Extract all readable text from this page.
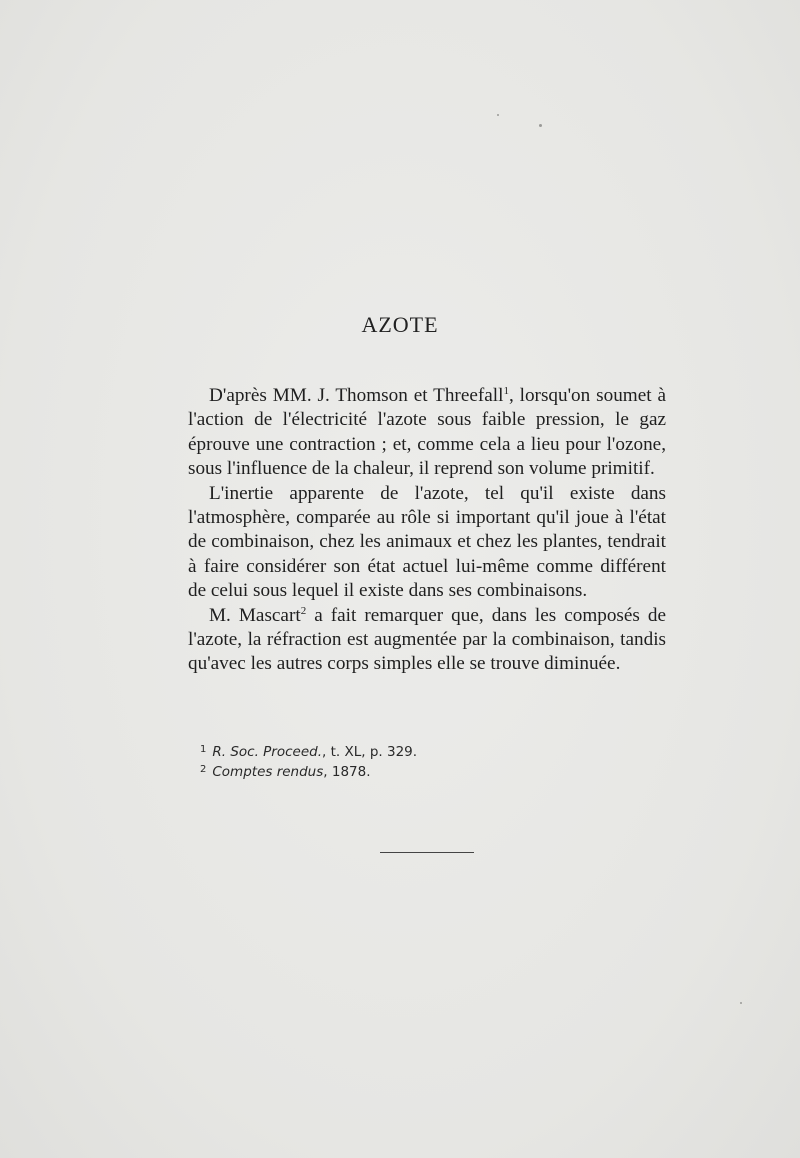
AZOTE

D'après MM. J. Thomson et Threefall$^1$, lorsqu'on soumet à l'action de l'électricité l'azote sous faible pression, le gaz éprouve une contraction ; et, comme cela a lieu pour l'ozone, sous l'influence de la chaleur, il reprend son volume primitif.

L'inertie apparente de l'azote, tel qu'il existe dans l'atmosphère, comparée au rôle si important qu'il joue à l'état de combinaison, chez les animaux et chez les plantes, tendrait à faire considérer son état actuel lui-même comme différent de celui sous lequel il existe dans ses combinaisons.

M. Mascart$^2$ a fait remarquer que, dans les composés de l'azote, la réfraction est augmentée par la combinaison, tandis qu'avec les autres corps simples elle se trouve diminuée.

$^1$ R. Soc. Proceed., t. XL, p. 329.

$^2$ Comptes rendus, 1878.
